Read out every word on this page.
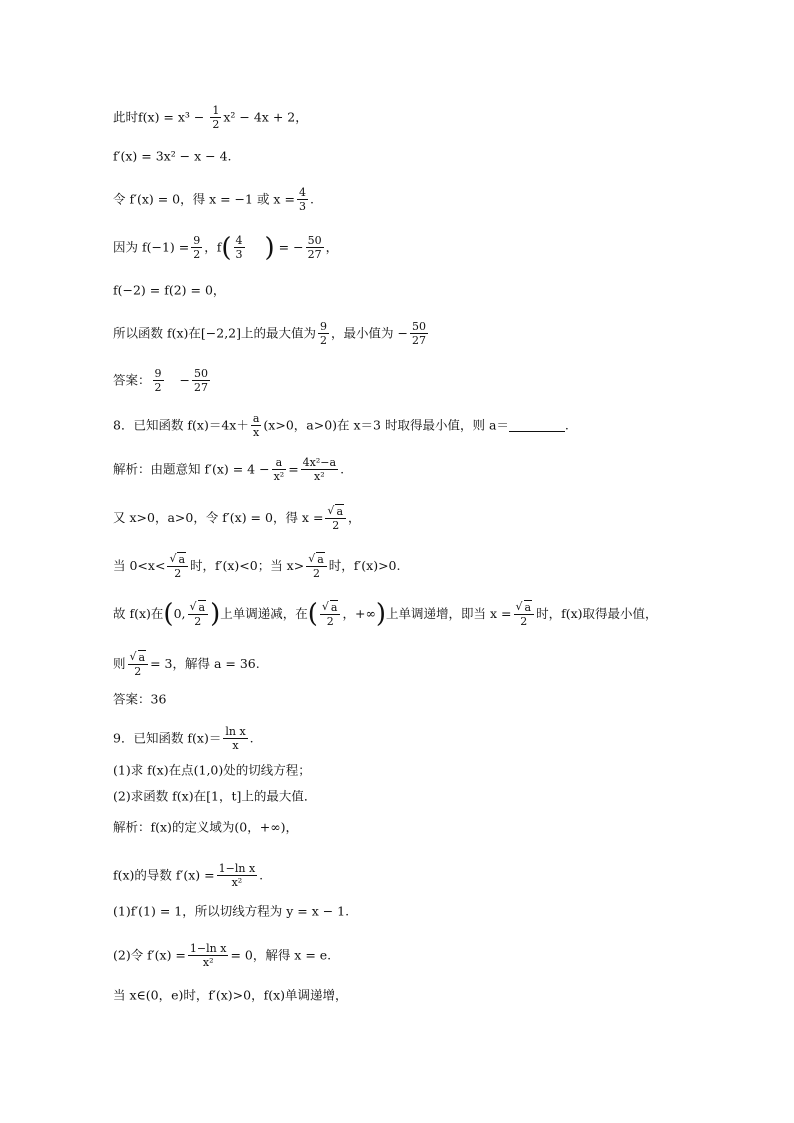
此时$f(x) = x^3 - \frac{1}{2} x^2 - 4x + 2$，
f′(x) = 3x² − x − 4.
令 f′(x) = 0，得 x = −1 或 $x = \frac{4}{3}$ .
因为 $f(-1) = \frac{9}{2}$ ，$f( \frac{4}{3}$ ) = − $\frac{50}{27}$ ，
f(−2) = f(2) = 0，
所以函数 f(x)在[−2,2]上的最大值为 $\frac{9}{2}$ ，最小值为 − $\frac{50}{27}$
答案： $\frac{9}{2} - \frac{50}{27}$
8．已知函数 $f(x)=4x+ \frac{a}{x} (x>0$，a>0)在 x＝3 时取得最小值，则 a＝	.
解析：由题意知 $f'(x) = 4 - \frac{a}{\text{x²}} = \frac{\text{4x²−a}}{\text{x²}}$ .
又 x>0，a>0，令 f′(x) = 0，得 $x = \frac{√ a}{2}$ ，
当 $0<x< \frac{√ a}{2}$ 时，f′(x)<0；当 $x> \frac{√ a}{2}$ 时，f′(x)>0.
故 f(x)在(0, $\frac{√ a}{2}$ )上单调递减，在( $\frac{√ a}{2}$ ，+∞)上单调递增，即当 $x = \frac{√ a}{2}$ 时，f(x)取得最小值，
则 $\frac{√ a}{2} = 3$，解得 a = 36.
答案：36
9．已知函数 $f(x)= \frac{\text{ln x}}{x}$ .
(1)求 f(x)在点(1,0)处的切线方程；
(2)求函数 f(x)在[1，t]上的最大值．
解析：f(x)的定义域为(0，+∞)，
f(x)的导数 $f'(x) = \frac{\text{1−ln x}}{\text{x²}}$ .
(1)f′(1) = 1，所以切线方程为 y = x − 1.
(2)令 $f'(x) = \frac{\text{1−ln x}}{\text{x²}} = 0$，解得 x = e.
当 x∈(0，e)时，f′(x)>0，f(x)单调递增，
